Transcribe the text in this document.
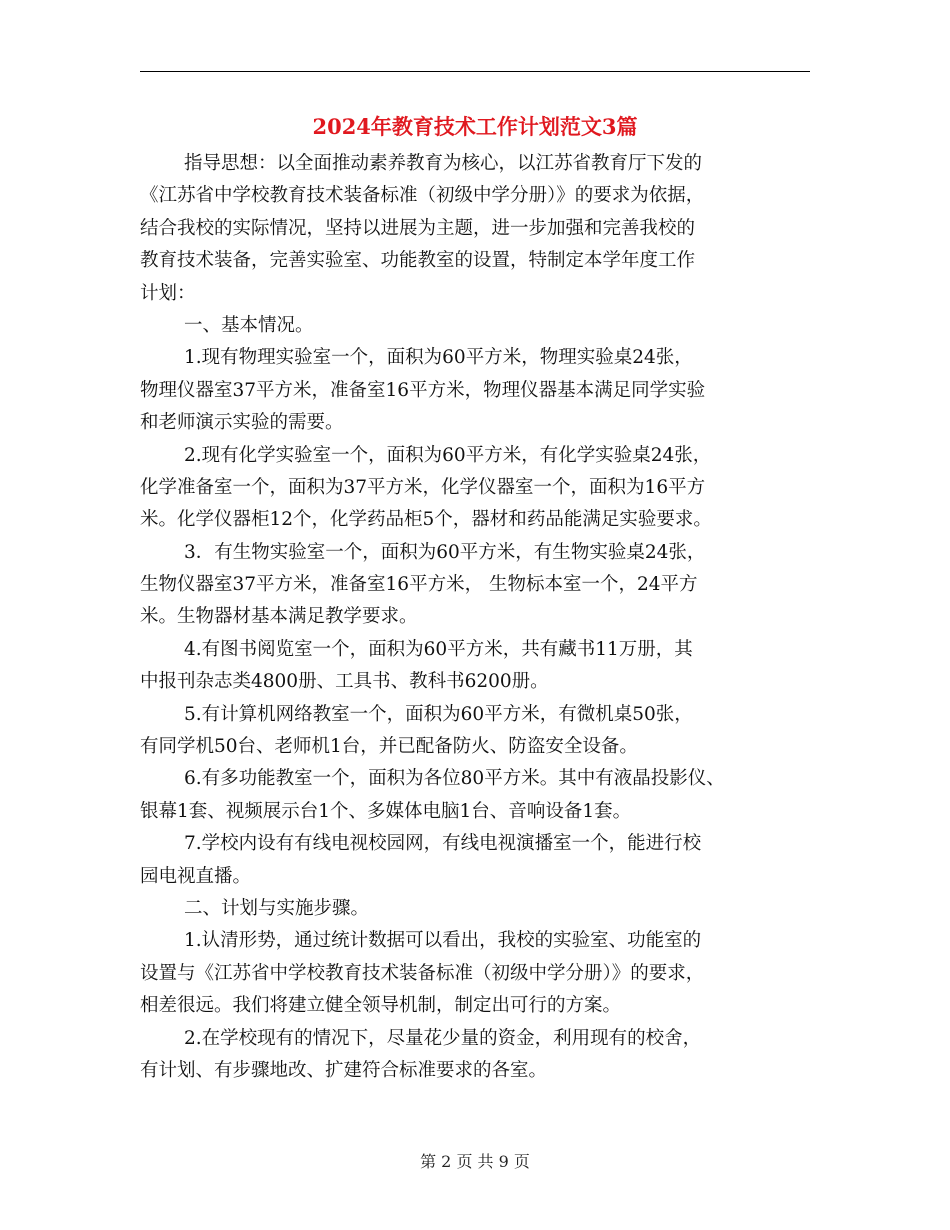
2024年教育技术工作计划范文3篇
指导思想：以全面推动素养教育为核心，以江苏省教育厅下发的
《江苏省中学校教育技术装备标准（初级中学分册）》的要求为依据，
结合我校的实际情况，坚持以进展为主题，进一步加强和完善我校的
教育技术装备，完善实验室、功能教室的设置，特制定本学年度工作
计划：
一、基本情况。
1.现有物理实验室一个，面积为60平方米，物理实验桌24张，
物理仪器室37平方米，准备室16平方米，物理仪器基本满足同学实验
和老师演示实验的需要。
2.现有化学实验室一个，面积为60平方米，有化学实验桌24张，
化学准备室一个，面积为37平方米，化学仪器室一个，面积为16平方
米。化学仪器柜12个，化学药品柜5个，器材和药品能满足实验要求。
3．有生物实验室一个，面积为60平方米，有生物实验桌24张，
生物仪器室37平方米，准备室16平方米， 生物标本室一个，24平方
米。生物器材基本满足教学要求。
4.有图书阅览室一个，面积为60平方米，共有藏书11万册，其
中报刊杂志类4800册、工具书、教科书6200册。
5.有计算机网络教室一个，面积为60平方米，有微机桌50张，
有同学机50台、老师机1台，并已配备防火、防盗安全设备。
6.有多功能教室一个，面积为各位80平方米。其中有液晶投影仪、
银幕1套、视频展示台1个、多媒体电脑1台、音响设备1套。
7.学校内设有有线电视校园网，有线电视演播室一个，能进行校
园电视直播。
二、计划与实施步骤。
1.认清形势，通过统计数据可以看出，我校的实验室、功能室的
设置与《江苏省中学校教育技术装备标准（初级中学分册）》的要求，
相差很远。我们将建立健全领导机制，制定出可行的方案。
2.在学校现有的情况下，尽量花少量的资金，利用现有的校舍，
有计划、有步骤地改、扩建符合标准要求的各室。
第 2 页 共 9 页
